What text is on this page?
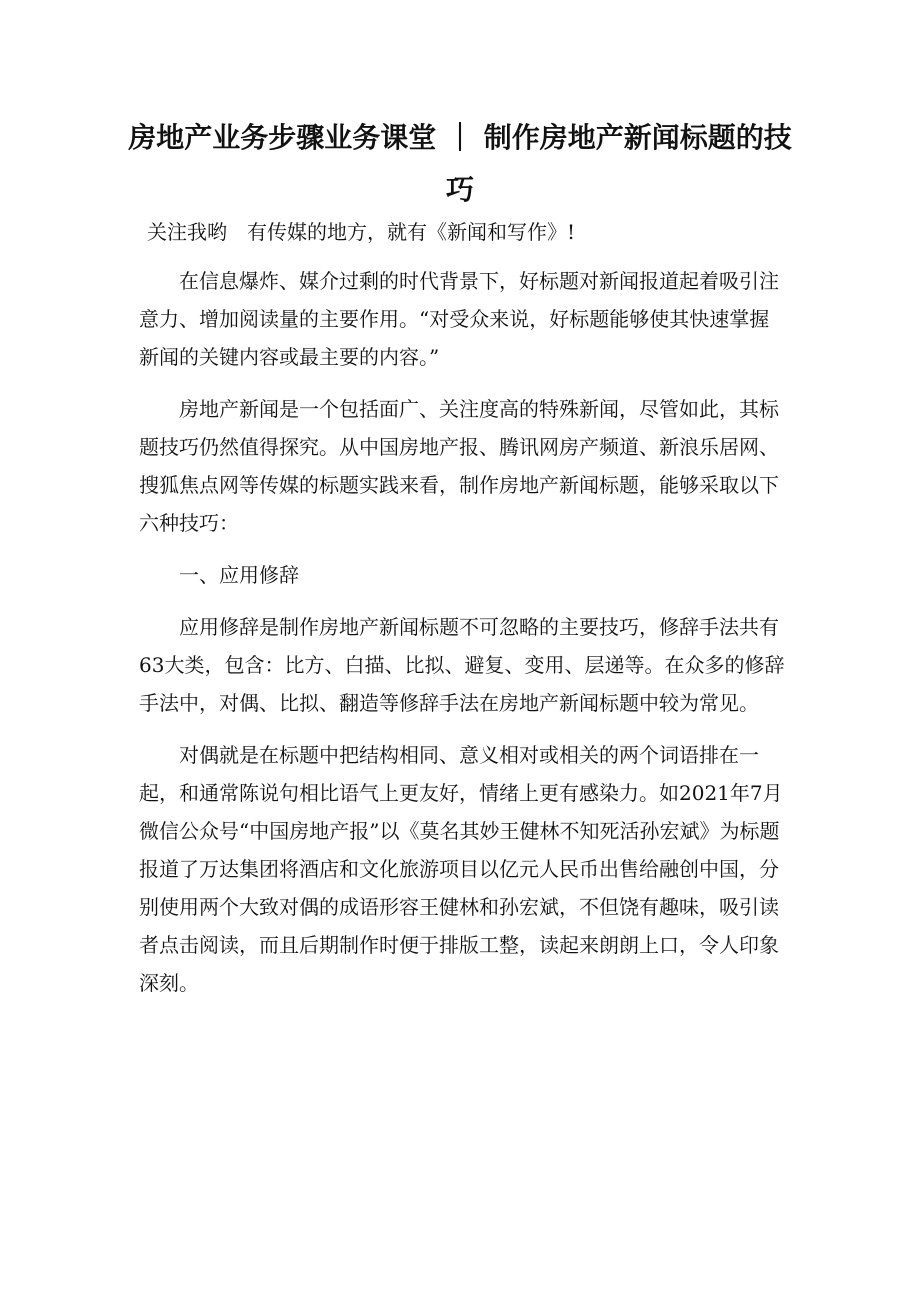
房地产业务步骤业务课堂 ｜ 制作房地产新闻标题的技巧
关注我哟　有传媒的地方，就有《新闻和写作》!

在信息爆炸、媒介过剩的时代背景下，好标题对新闻报道起着吸引注意力、增加阅读量的主要作用。“对受众来说，好标题能够使其快速掌握新闻的关键内容或最主要的内容。”

房地产新闻是一个包括面广、关注度高的特殊新闻，尽管如此，其标题技巧仍然值得探究。从中国房地产报、腾讯网房产频道、新浪乐居网、搜狐焦点网等传媒的标题实践来看，制作房地产新闻标题，能够采取以下六种技巧：

一、应用修辞

应用修辞是制作房地产新闻标题不可忽略的主要技巧，修辞手法共有63大类，包含：比方、白描、比拟、避复、变用、层递等。在众多的修辞手法中，对偶、比拟、翻造等修辞手法在房地产新闻标题中较为常见。

对偶就是在标题中把结构相同、意义相对或相关的两个词语排在一起，和通常陈说句相比语气上更友好，情绪上更有感染力。如2021年7月微信公众号“中国房地产报”以《莫名其妙王健林不知死活孙宏斌》为标题报道了万达集团将酒店和文化旅游项目以亿元人民币出售给融创中国，分别使用两个大致对偶的成语形容王健林和孙宏斌，不但饶有趣味，吸引读者点击阅读，而且后期制作时便于排版工整，读起来朗朗上口，令人印象深刻。
